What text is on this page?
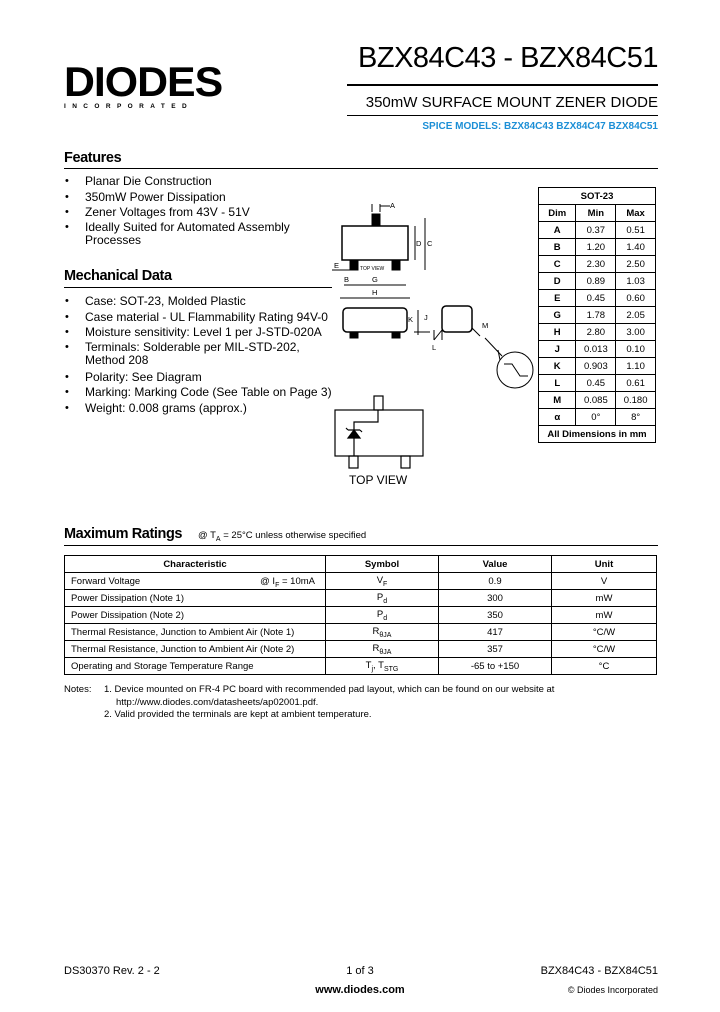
DIODES
INCORPORATED
BZX84C43 - BZX84C51
350mW SURFACE MOUNT ZENER DIODE
SPICE MODELS: BZX84C43 BZX84C47 BZX84C51
Features
• Planar Die Construction
• 350mW Power Dissipation
• Zener Voltages from 43V - 51V
• Ideally Suited for Automated Assembly Processes
Mechanical Data
• Case: SOT-23, Molded Plastic
• Case material - UL Flammability Rating 94V-0
• Moisture sensitivity: Level 1 per J-STD-020A
• Terminals: Solderable per MIL-STD-202, Method 208
• Polarity: See Diagram
• Marking: Marking Code (See Table on Page 3)
• Weight: 0.008 grams (approx.)
A
D C
B	G
H
E
J
K
L
M
TOP VIEW
TOP VIEW
SOT-23		
Dim	Min	Max
A	0.37	0.51
B	1.20	1.40
C	2.30	2.50
D	0.89	1.03
E	0.45	0.60
G	1.78	2.05
H	2.80	3.00
J	0.013	0.10
K	0.903	1.10
L	0.45	0.61
M	0.085	0.180
α	0°	8°
All Dimensions in mm		
Maximum Ratings @ $T_A = 25^\circ C$ unless otherwise specified
Characteristic	Symbol	Value	Unit
Forward Voltage @ $I_F = 10mA$	$V_F$	0.9	V
Power Dissipation (Note 1)	$P_d$	300	mW
Power Dissipation (Note 2)	$P_d$	350	mW
Thermal Resistance, Junction to Ambient Air (Note 1)	$R_{\theta JA}$	417	°C/W
Thermal Resistance, Junction to Ambient Air (Note 2)	$R_{\theta JA}$	357	°C/W
Operating and Storage Temperature Range	$T_j$, $T_{STG}$	-65 to +150	°C
Notes: 1. Device mounted on FR-4 PC board with recommended pad layout, which can be found on our website at http://www.diodes.com/datasheets/ap02001.pdf.
2. Valid provided the terminals are kept at ambient temperature.
DS30370 Rev. 2 - 2	1 of 3
www.diodes.com
BZX84C43 - BZX84C51
© Diodes Incorporated
